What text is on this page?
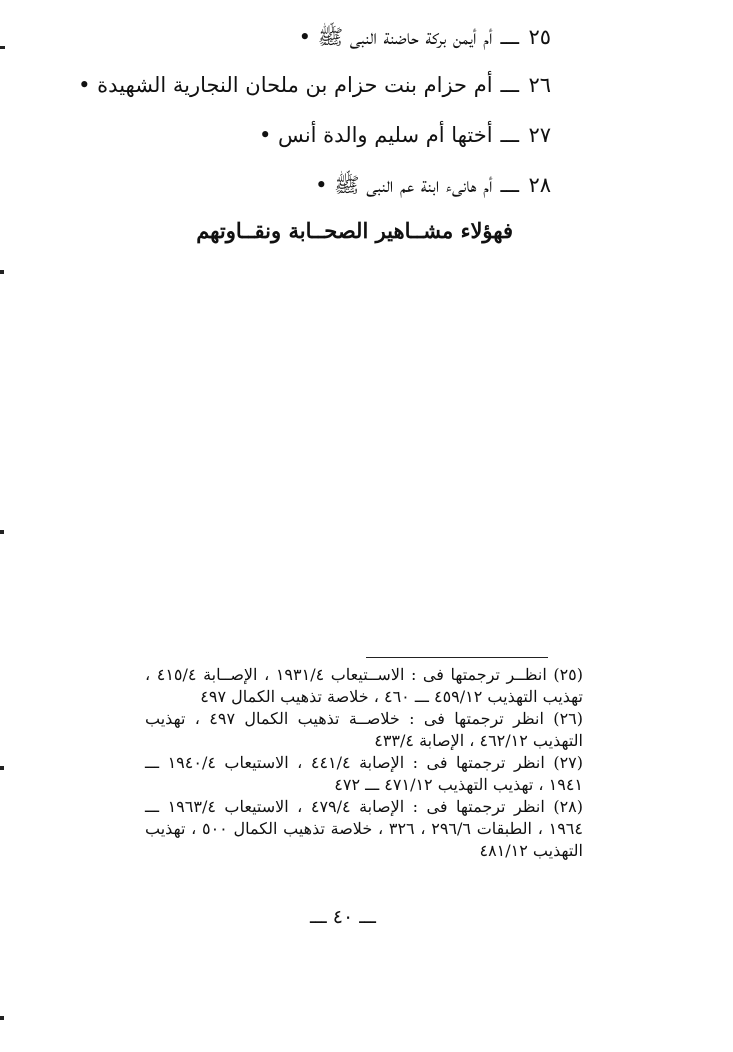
٢٥ـــأم أيمن بركة حاضنة النبى ﷺ •
٢٦ـــأم حزام بنت حزام بن ملحان النجارية الشهيدة •
٢٧ـــأختها أم سليم والدة أنس •
٢٨ـــأم هانىء ابنة عم النبى ﷺ •
فهؤلاء مشــاهير الصحــابة ونقــاوتهم

(٢٥) انظــر ترجمتها فى : الاســتيعاب ١٩٣١/٤ ، الإصــابة ٤١٥/٤ ، تهذيب التهذيب ٤٥٩/١٢ ـــ ٤٦٠ ، خلاصة تذهيب الكمال ٤٩٧

(٢٦) انظر ترجمتها فى : خلاصــة تذهيب الكمال ٤٩٧ ، تهذيب التهذيب ٤٦٢/١٢ ، الإصابة ٤٣٣/٤

(٢٧) انظر ترجمتها فى : الإصابة ٤٤١/٤ ، الاستيعاب ١٩٤٠/٤ ـــ ١٩٤١ ، تهذيب التهذيب ٤٧١/١٢ ـــ ٤٧٢

(٢٨) انظر ترجمتها فى : الإصابة ٤٧٩/٤ ، الاستيعاب ١٩٦٣/٤ ـــ ١٩٦٤ ، الطبقات ٢٩٦/٦ ، ٣٢٦ ، خلاصة تذهيب الكمال ٥٠٠ ، تهذيب التهذيب ٤٨١/١٢

ـــ ٤٠ ـــ
